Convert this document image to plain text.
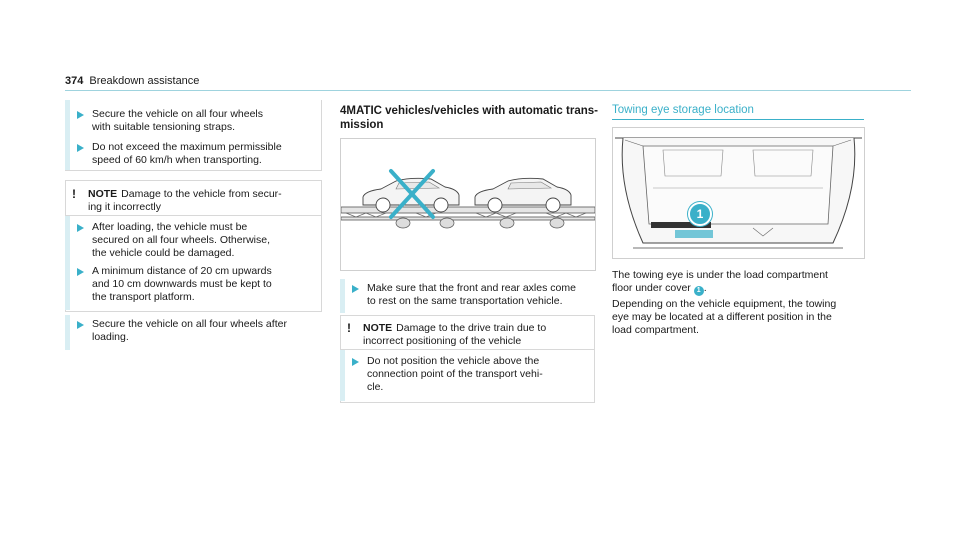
374 Breakdown assistance
Secure the vehicle on all four wheels
with suitable tensioning straps.
Do not exceed the maximum permissible
speed of 60 km/h when transporting.
!	NOTE Damage to the vehicle from secur-
ing it incorrectly
After loading, the vehicle must be
secured on all four wheels. Otherwise,
the vehicle could be damaged.
A minimum distance of 20 cm upwards
and 10 cm downwards must be kept to
the transport platform.
Secure the vehicle on all four wheels after
loading.
4MATIC vehicles/vehicles with automatic trans-
mission
Make sure that the front and rear axles come
to rest on the same transportation vehicle.
!	NOTE Damage to the drive train due to
incorrect positioning of the vehicle
Do not position the vehicle above the
connection point of the transport vehi-
cle.
Towing eye storage location
1
The towing eye is under the load compartment
floor under cover 1 .
Depending on the vehicle equipment, the towing
eye may be located at a different position in the
load compartment.
